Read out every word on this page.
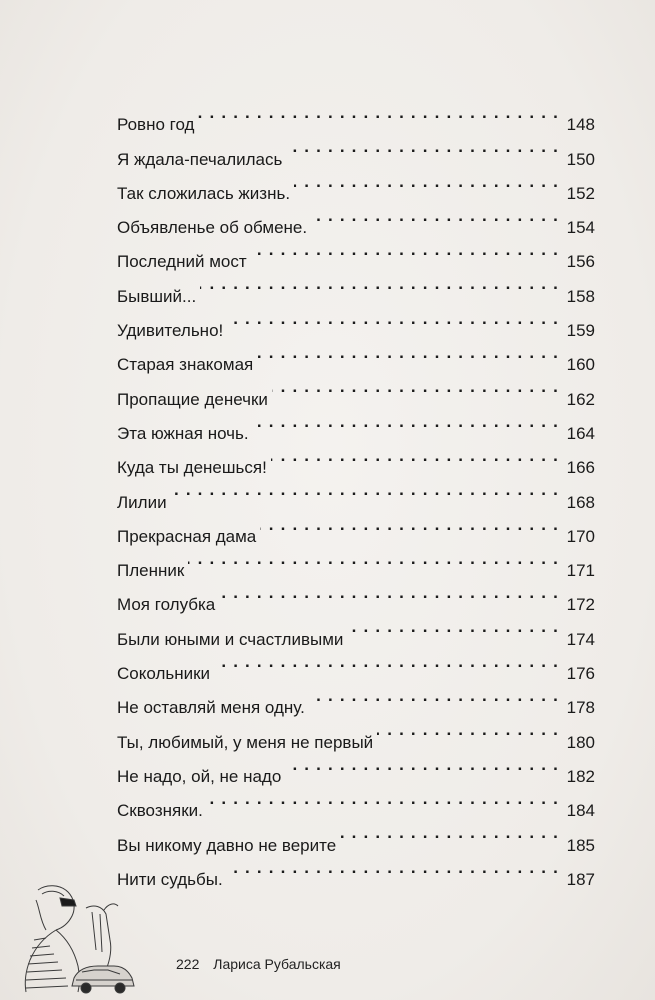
Ровно год . . .	148
Я ждала-печалилась . . .	150
Так сложилась жизнь. . . .	152
Объявленье об обмене. . . .	154
Последний мост . . .	156
Бывший... . . .	158
Удивительно! . . .	159
Старая знакомая . . .	160
Пропащие денечки . . .	162
Эта южная ночь. . . .	164
Куда ты денешься! . . .	166
Лилии . . .	168
Прекрасная дама . . .	170
Пленник . . .	171
Моя голубка . . .	172
Были юными и счастливыми . . .	174
Сокольники . . .	176
Не оставляй меня одну. . . .	178
Ты, любимый, у меня не первый . . .	180
Не надо, ой, не надо . . .	182
Сквозняки. . . .	184
Вы никому давно не верите . . .	185
Нити судьбы. . . .	187
222 Лариса Рубальская
